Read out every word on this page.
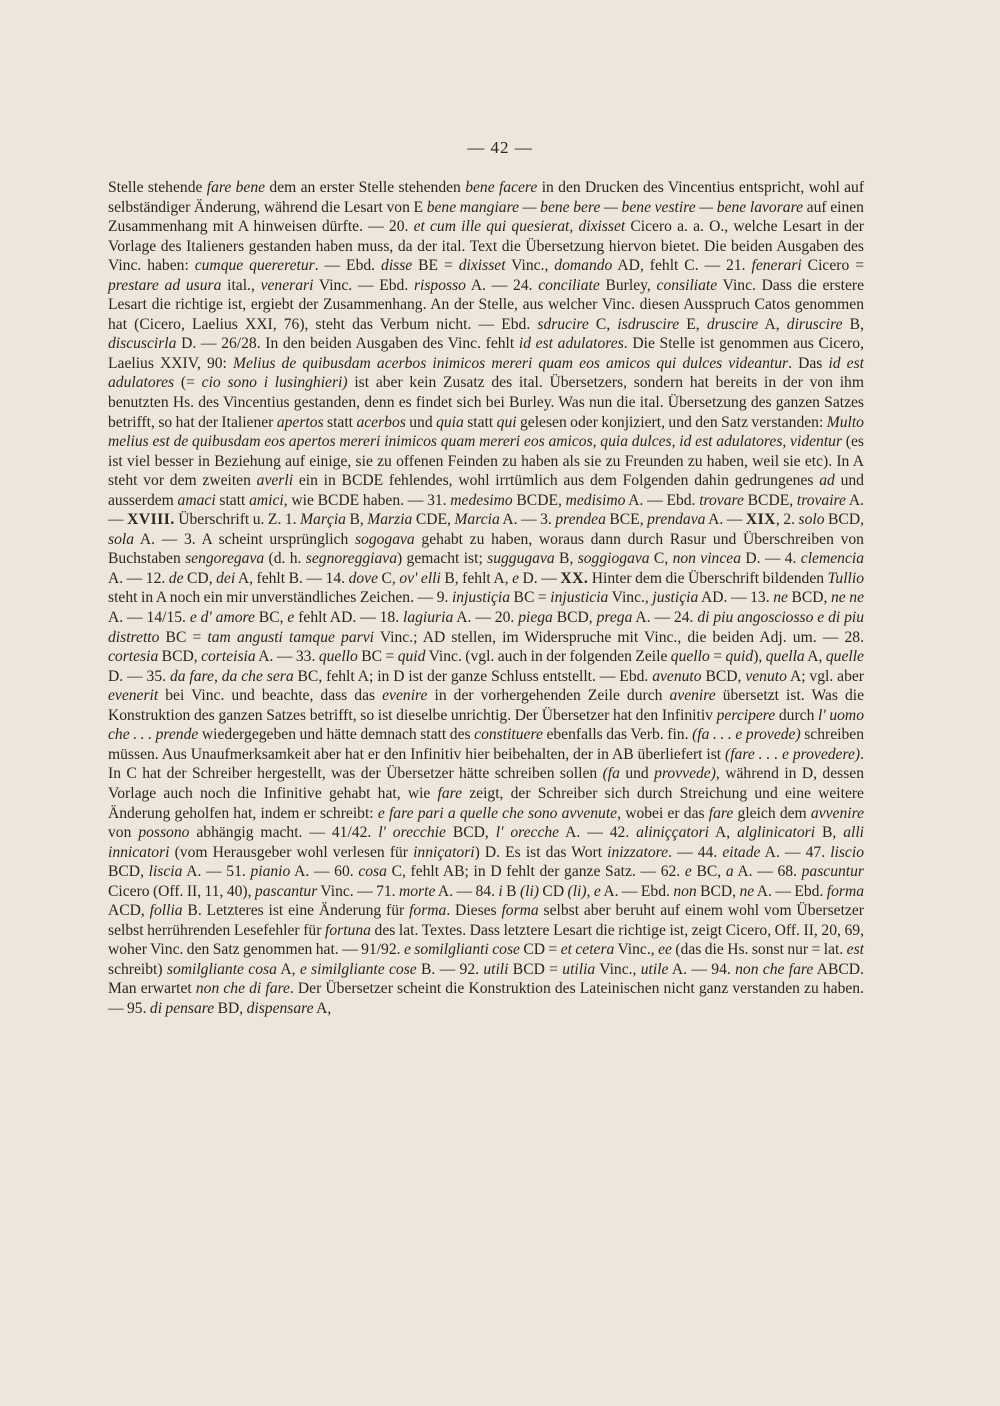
— 42 —
Stelle stehende fare bene dem an erster Stelle stehenden bene facere in den Drucken des Vincentius entspricht, wohl auf selbständiger Änderung, während die Lesart von E bene mangiare — bene bere — bene vestire — bene lavorare auf einen Zusammenhang mit A hinweisen dürfte. — 20. et cum ille qui quesierat, dixisset Cicero a. a. O., welche Lesart in der Vorlage des Italieners gestanden haben muss, da der ital. Text die Übersetzung hiervon bietet. Die beiden Ausgaben des Vinc. haben: cumque quereretur. — Ebd. disse BE = dixisset Vinc., domando AD, fehlt C. — 21. fenerari Cicero = prestare ad usura ital., venerari Vinc. — Ebd. risposso A. — 24. conciliate Burley, consiliate Vinc. Dass die erstere Lesart die richtige ist, ergiebt der Zusammenhang. An der Stelle, aus welcher Vinc. diesen Ausspruch Catos genommen hat (Cicero, Laelius XXI, 76), steht das Verbum nicht. — Ebd. sdrucire C, isdruscire E, druscire A, diruscire B, discuscirla D. — 26/28. In den beiden Ausgaben des Vinc. fehlt id est adulatores. Die Stelle ist genommen aus Cicero, Laelius XXIV, 90: Melius de quibusdam acerbos inimicos mereri quam eos amicos qui dulces videantur. Das id est adulatores (= cio sono i lusinghieri) ist aber kein Zusatz des ital. Übersetzers, sondern hat bereits in der von ihm benutzten Hs. des Vincentius gestanden, denn es findet sich bei Burley. Was nun die ital. Übersetzung des ganzen Satzes betrifft, so hat der Italiener apertos statt acerbos und quia statt qui gelesen oder konjiziert, und den Satz verstanden: Multo melius est de quibusdam eos apertos mereri inimicos quam mereri eos amicos, quia dulces, id est adulatores, videntur (es ist viel besser in Beziehung auf einige, sie zu offenen Feinden zu haben als sie zu Freunden zu haben, weil sie etc). In A steht vor dem zweiten averli ein in BCDE fehlendes, wohl irrtümlich aus dem Folgenden dahin gedrungenes ad und ausserdem amaci statt amici, wie BCDE haben. — 31. medesimo BCDE, medisimo A. — Ebd. trovare BCDE, trovaire A. — XVIII. Überschrift u. Z. 1. Marçia B, Marzia CDE, Marcia A. — 3. prendea BCE, prendava A. — XIX, 2. solo BCD, sola A. — 3. A scheint ursprünglich sogogava gehabt zu haben, woraus dann durch Rasur und Überschreiben von Buchstaben sengoregava (d. h. segnoreggiava) gemacht ist; suggugava B, soggiogava C, non vincea D. — 4. clemencia A. — 12. de CD, dei A, fehlt B. — 14. dove C, ov' elli B, fehlt A, e D. — XX. Hinter dem die Überschrift bildenden Tullio steht in A noch ein mir unverständliches Zeichen. — 9. injustiçia BC = injusticia Vinc., justiçia AD. — 13. ne BCD, ne ne A. — 14/15. e d' amore BC, e fehlt AD. — 18. lagiuria A. — 20. piega BCD, prega A. — 24. di piu angosciosso e di piu distretto BC = tam angusti tamque parvi Vinc.; AD stellen, im Widerspruche mit Vinc., die beiden Adj. um. — 28. cortesia BCD, corteisia A. — 33. quello BC = quid Vinc. (vgl. auch in der folgenden Zeile quello = quid), quella A, quelle D. — 35. da fare, da che sera BC, fehlt A; in D ist der ganze Schluss entstellt. — Ebd. avenuto BCD, venuto A; vgl. aber evenerit bei Vinc. und beachte, dass das evenire in der vorhergehenden Zeile durch avenire übersetzt ist. Was die Konstruktion des ganzen Satzes betrifft, so ist dieselbe unrichtig. Der Übersetzer hat den Infinitiv percipere durch l' uomo che . . . prende wiedergegeben und hätte demnach statt des constituere ebenfalls das Verb. fin. (fa . . . e provede) schreiben müssen. Aus Unaufmerksamkeit aber hat er den Infinitiv hier beibehalten, der in AB überliefert ist (fare . . . e provedere). In C hat der Schreiber hergestellt, was der Übersetzer hätte schreiben sollen (fa und provvede), während in D, dessen Vorlage auch noch die Infinitive gehabt hat, wie fare zeigt, der Schreiber sich durch Streichung und eine weitere Änderung geholfen hat, indem er schreibt: e fare pari a quelle che sono avvenute, wobei er das fare gleich dem avvenire von possono abhängig macht. — 41/42. l' orecchie BCD, l' orecche A. — 42. aliniççatori A, alglinicatori B, alli innicatori (vom Herausgeber wohl verlesen für inniçatori) D. Es ist das Wort inizzatore. — 44. eitade A. — 47. liscio BCD, liscia A. — 51. pianio A. — 60. cosa C, fehlt AB; in D fehlt der ganze Satz. — 62. e BC, a A. — 68. pascuntur Cicero (Off. II, 11, 40), pascantur Vinc. — 71. morte A. — 84. i B (li) CD (li), e A. — Ebd. non BCD, ne A. — Ebd. forma ACD, follia B. Letzteres ist eine Änderung für forma. Dieses forma selbst aber beruht auf einem wohl vom Übersetzer selbst herrührenden Lesefehler für fortuna des lat. Textes. Dass letztere Lesart die richtige ist, zeigt Cicero, Off. II, 20, 69, woher Vinc. den Satz genommen hat. — 91/92. e somilglianti cose CD = et cetera Vinc., ee (das die Hs. sonst nur = lat. est schreibt) somilgliante cosa A, e similgliante cose B. — 92. utili BCD = utilia Vinc., utile A. — 94. non che fare ABCD. Man erwartet non che di fare. Der Übersetzer scheint die Konstruktion des Lateinischen nicht ganz verstanden zu haben. — 95. di pensare BD, dispensare A,
